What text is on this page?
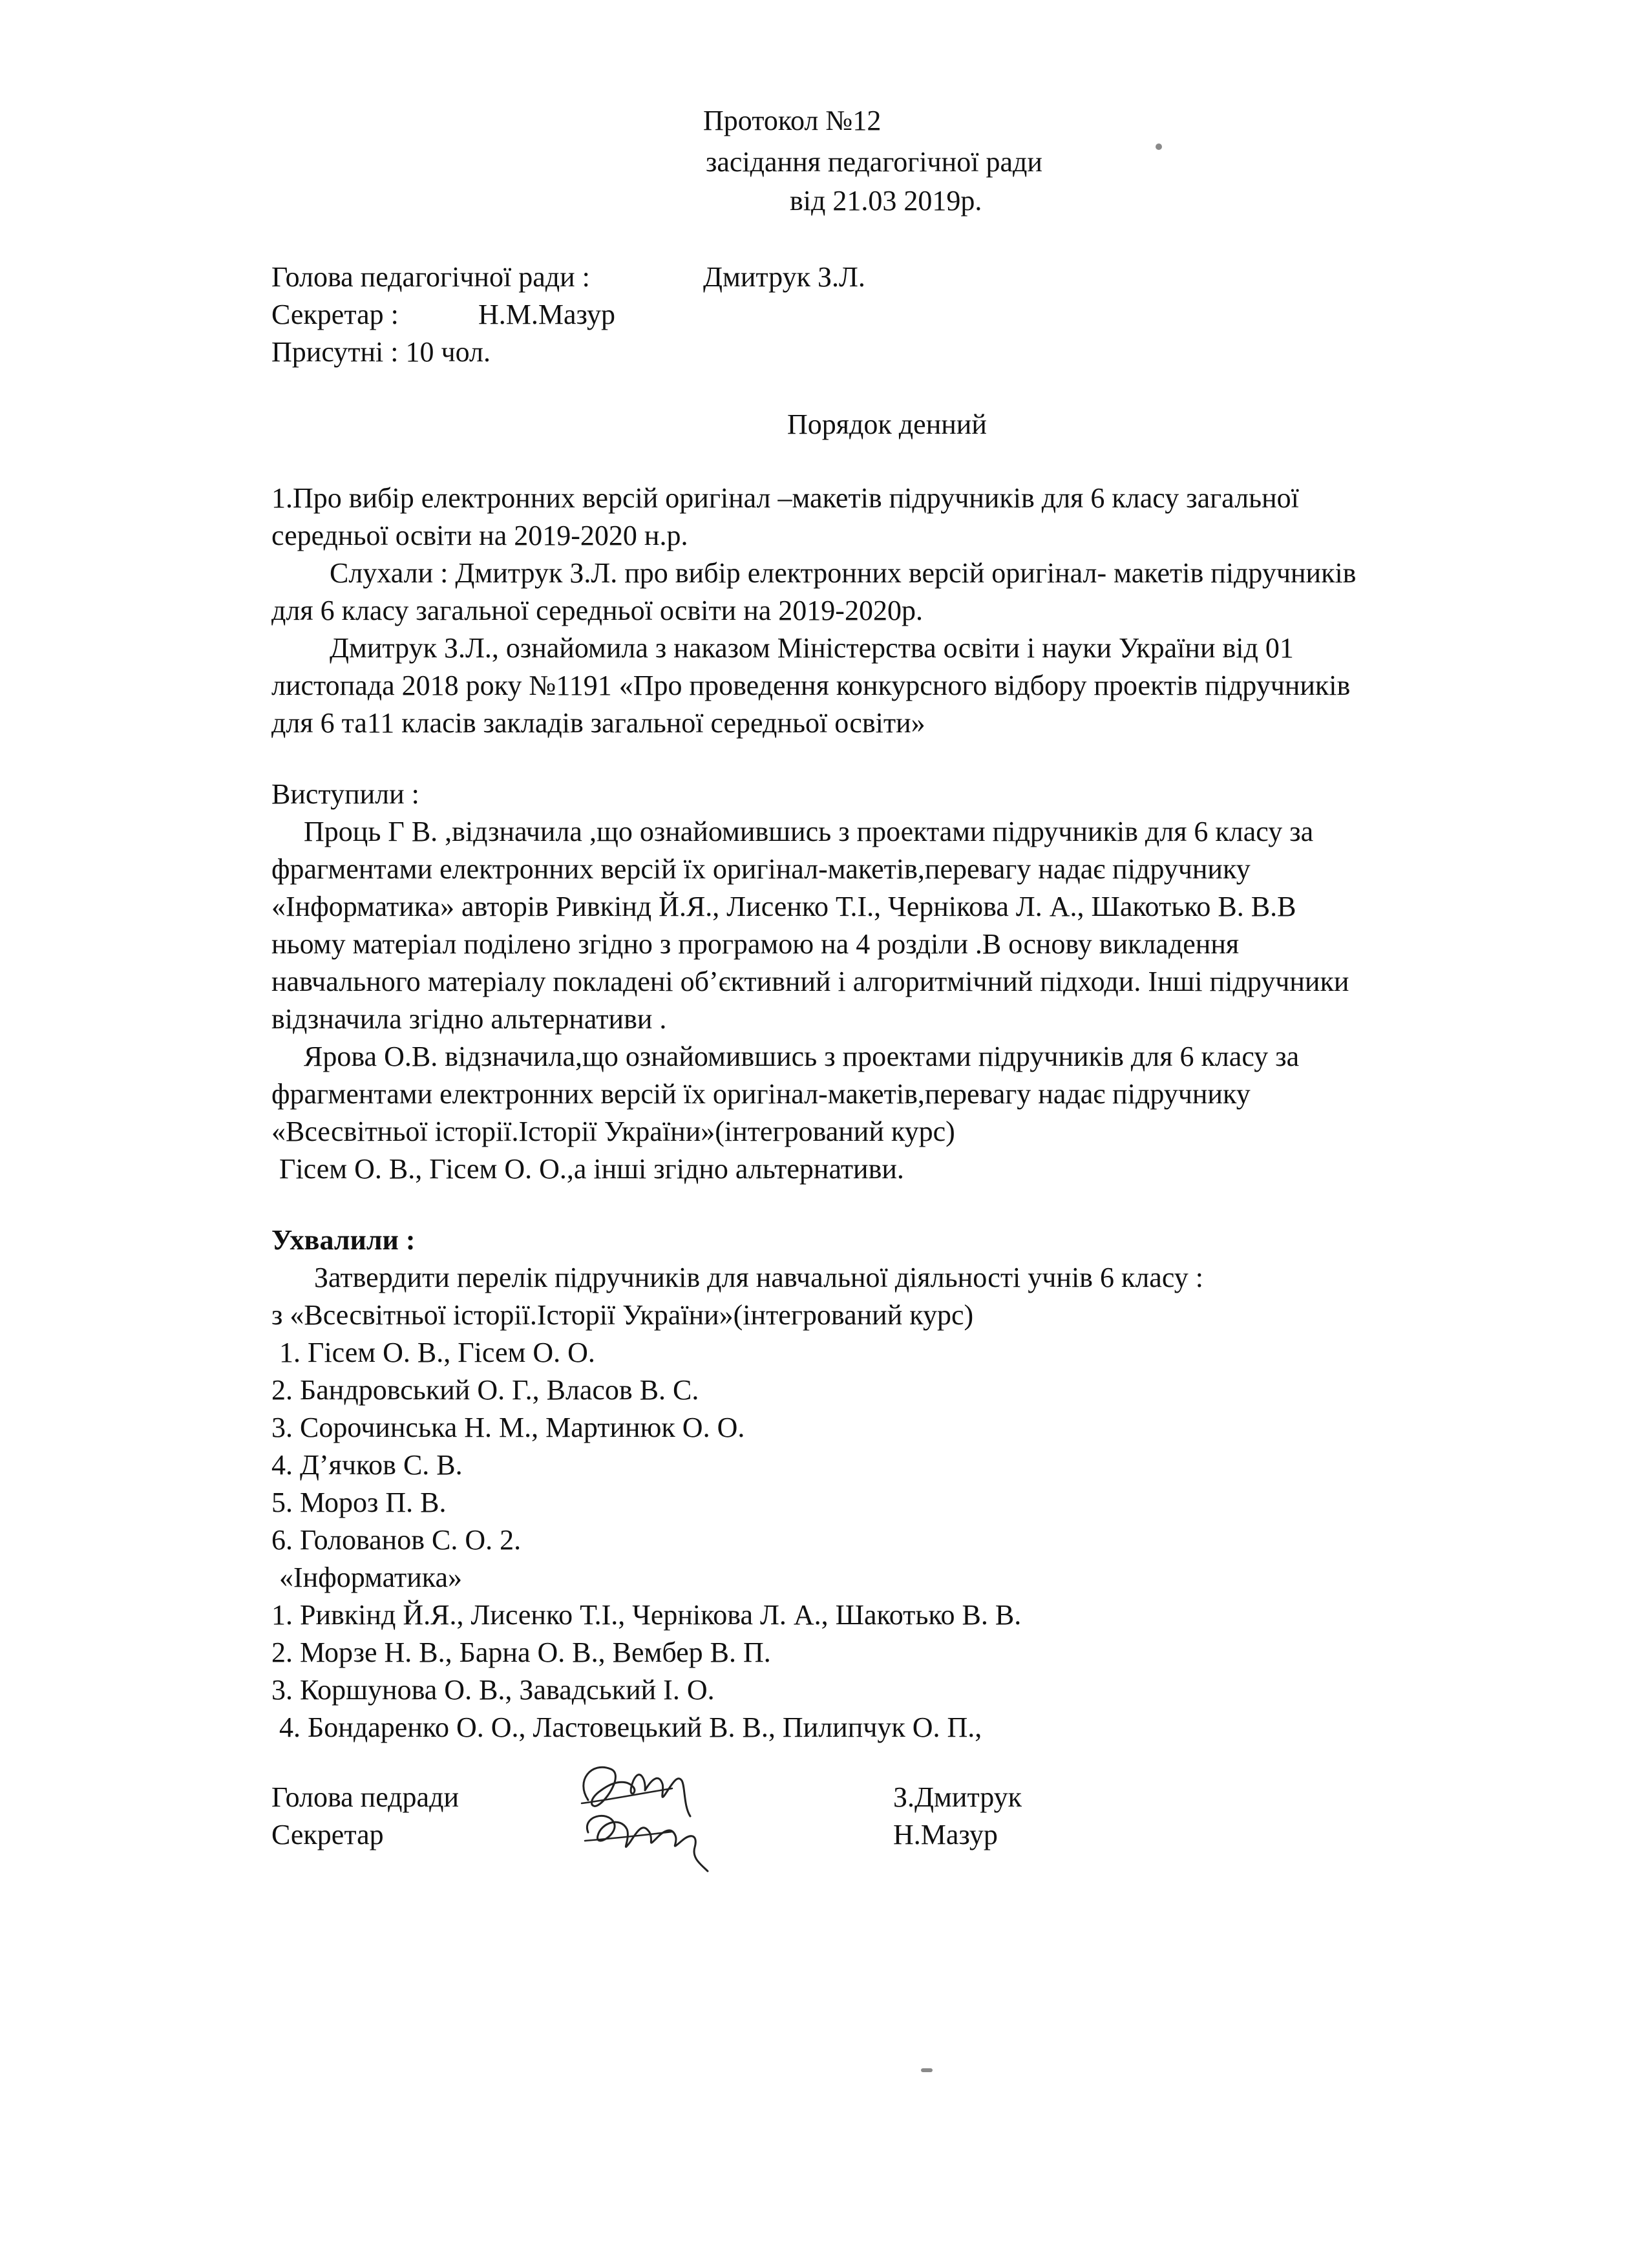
Протокол №12

засідання педагогічної ради

від 21.03 2019р.

Голова педагогічної ради :	Дмитрук З.Л.

Секретар :	Н.М.Мазур

Присутні : 10 чол.

Порядок денний

1.Про вибір електронних версій оригінал –макетів підручників для 6 класу загальної

середньої освіти на 2019-2020 н.р.

Слухали : Дмитрук З.Л. про вибір електронних версій оригінал- макетів підручників

для 6 класу загальної середньої освіти на 2019-2020р.

Дмитрук З.Л., ознайомила з наказом Міністерства освіти і науки України від 01

листопада 2018 року №1191 «Про проведення конкурсного відбору проектів підручників

для 6 та11 класів закладів загальної середньої освіти»

Виступили :

Проць Г В. ,відзначила ,що ознайомившись з проектами підручників для 6 класу за

фрагментами електронних версій їх оригінал-макетів,перевагу надає підручнику

«Інформатика» авторів Ривкінд Й.Я., Лисенко Т.І., Чернікова Л. А., Шакотько В. В.В

ньому матеріал поділено згідно з програмою на 4 розділи .В основу викладення

навчального матеріалу покладені об’єктивний і алгоритмічний підходи. Інші підручники

відзначила згідно альтернативи .

Ярова О.В. відзначила,що ознайомившись з проектами підручників для 6 класу за

фрагментами електронних версій їх оригінал-макетів,перевагу надає підручнику

«Всесвітньої історії.Історії України»(інтегрований курс)

Гісем О. В., Гісем О. О.,а інші згідно альтернативи.

Ухвалили :

Затвердити перелік підручників для навчальної діяльності учнів 6 класу :

з «Всесвітньої історії.Історії України»(інтегрований курс)

1. Гісем О. В., Гісем О. О.

2. Бандровський О. Г., Власов В. С.

3. Сорочинська Н. М., Мартинюк О. О.

4. Д’ячков С. В.

5. Мороз П. В.

6. Голованов С. О. 2.

«Інформатика»

1. Ривкінд Й.Я., Лисенко Т.І., Чернікова Л. А., Шакотько В. В.

2. Морзе Н. В., Барна О. В., Вембер В. П.

3. Коршунова О. В., Завадський І. О.

4. Бондаренко О. О., Ластовецький В. В., Пилипчук О. П.,

Голова педради	З.Дмитрук

Секретар	Н.Мазур
